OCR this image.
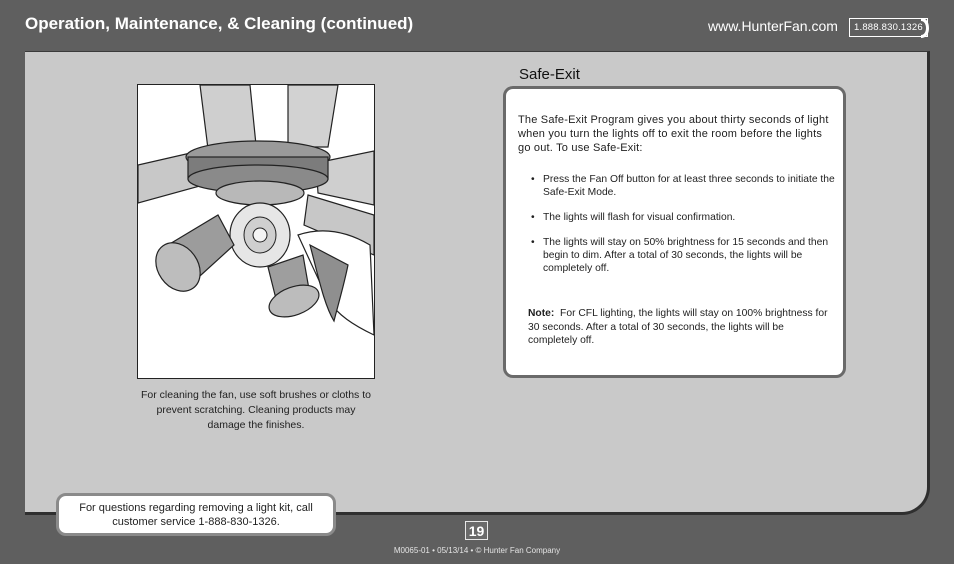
Operation, Maintenance, & Cleaning (continued)	www.HunterFan.com	1.888.830.1326
For cleaning the fan, use soft brushes or cloths to prevent scratching. Cleaning products may damage the finishes.
Safe-Exit
The Safe-Exit Program gives you about thirty seconds of light when you turn the lights off to exit the room before the lights go out. To use Safe-Exit:
• Press the Fan Off button for at least three seconds to initiate the Safe-Exit Mode.
• The lights will flash for visual confirmation.
• The lights will stay on 50% brightness for 15 seconds and then begin to dim. After a total of 30 seconds, the lights will be completely off.
Note: For CFL lighting, the lights will stay on 100% brightness for 30 seconds. After a total of 30 seconds, the lights will be completely off.
For questions regarding removing a light kit, call customer service 1-888-830-1326.
19
M0065-01 • 05/13/14 • © Hunter Fan Company
